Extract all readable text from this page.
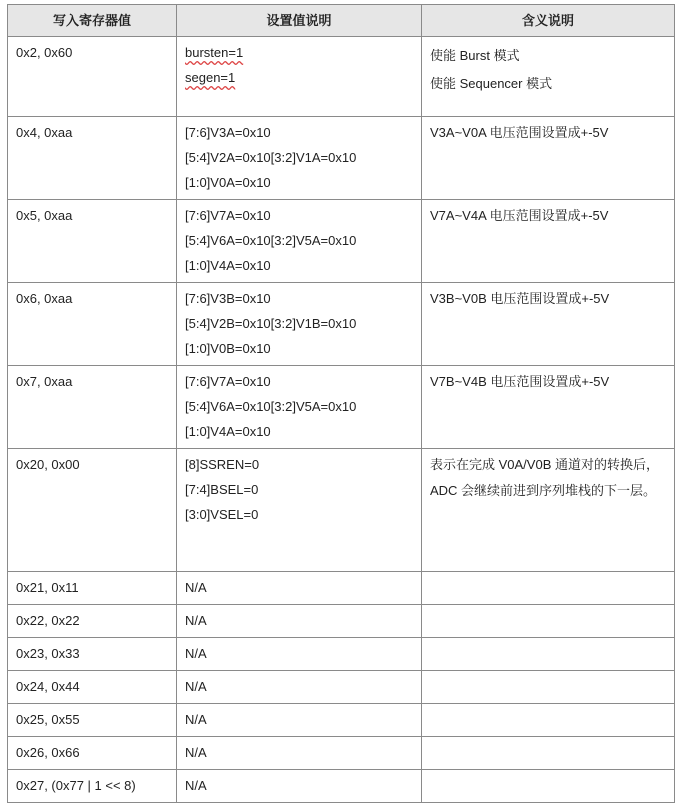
写入寄存器值	设置值说明	含义说明

0x2, 0x60	bursten=1
segen=1	使能 Burst 模式
使能 Sequencer 模式

0x4, 0xaa	[7:6]V3A=0x10
[5:4]V2A=0x10[3:2]V1A=0x10
[1:0]V0A=0x10	V3A~V0A 电压范围设置成+-5V

0x5, 0xaa	[7:6]V7A=0x10
[5:4]V6A=0x10[3:2]V5A=0x10
[1:0]V4A=0x10	V7A~V4A 电压范围设置成+-5V

0x6, 0xaa	[7:6]V3B=0x10
[5:4]V2B=0x10[3:2]V1B=0x10
[1:0]V0B=0x10	V3B~V0B 电压范围设置成+-5V

0x7, 0xaa	[7:6]V7A=0x10
[5:4]V6A=0x10[3:2]V5A=0x10
[1:0]V4A=0x10	V7B~V4B 电压范围设置成+-5V

0x20, 0x00	[8]SSREN=0
[7:4]BSEL=0
[3:0]VSEL=0	表示在完成 V0A/V0B 通道对的转换后，ADC 会继续前进到序列堆栈的下一层。

0x21, 0x11	N/A	

0x22, 0x22	N/A	

0x23, 0x33	N/A	

0x24, 0x44	N/A	

0x25, 0x55	N/A	

0x26, 0x66	N/A	

0x27, (0x77 | 1 << 8)	N/A	
